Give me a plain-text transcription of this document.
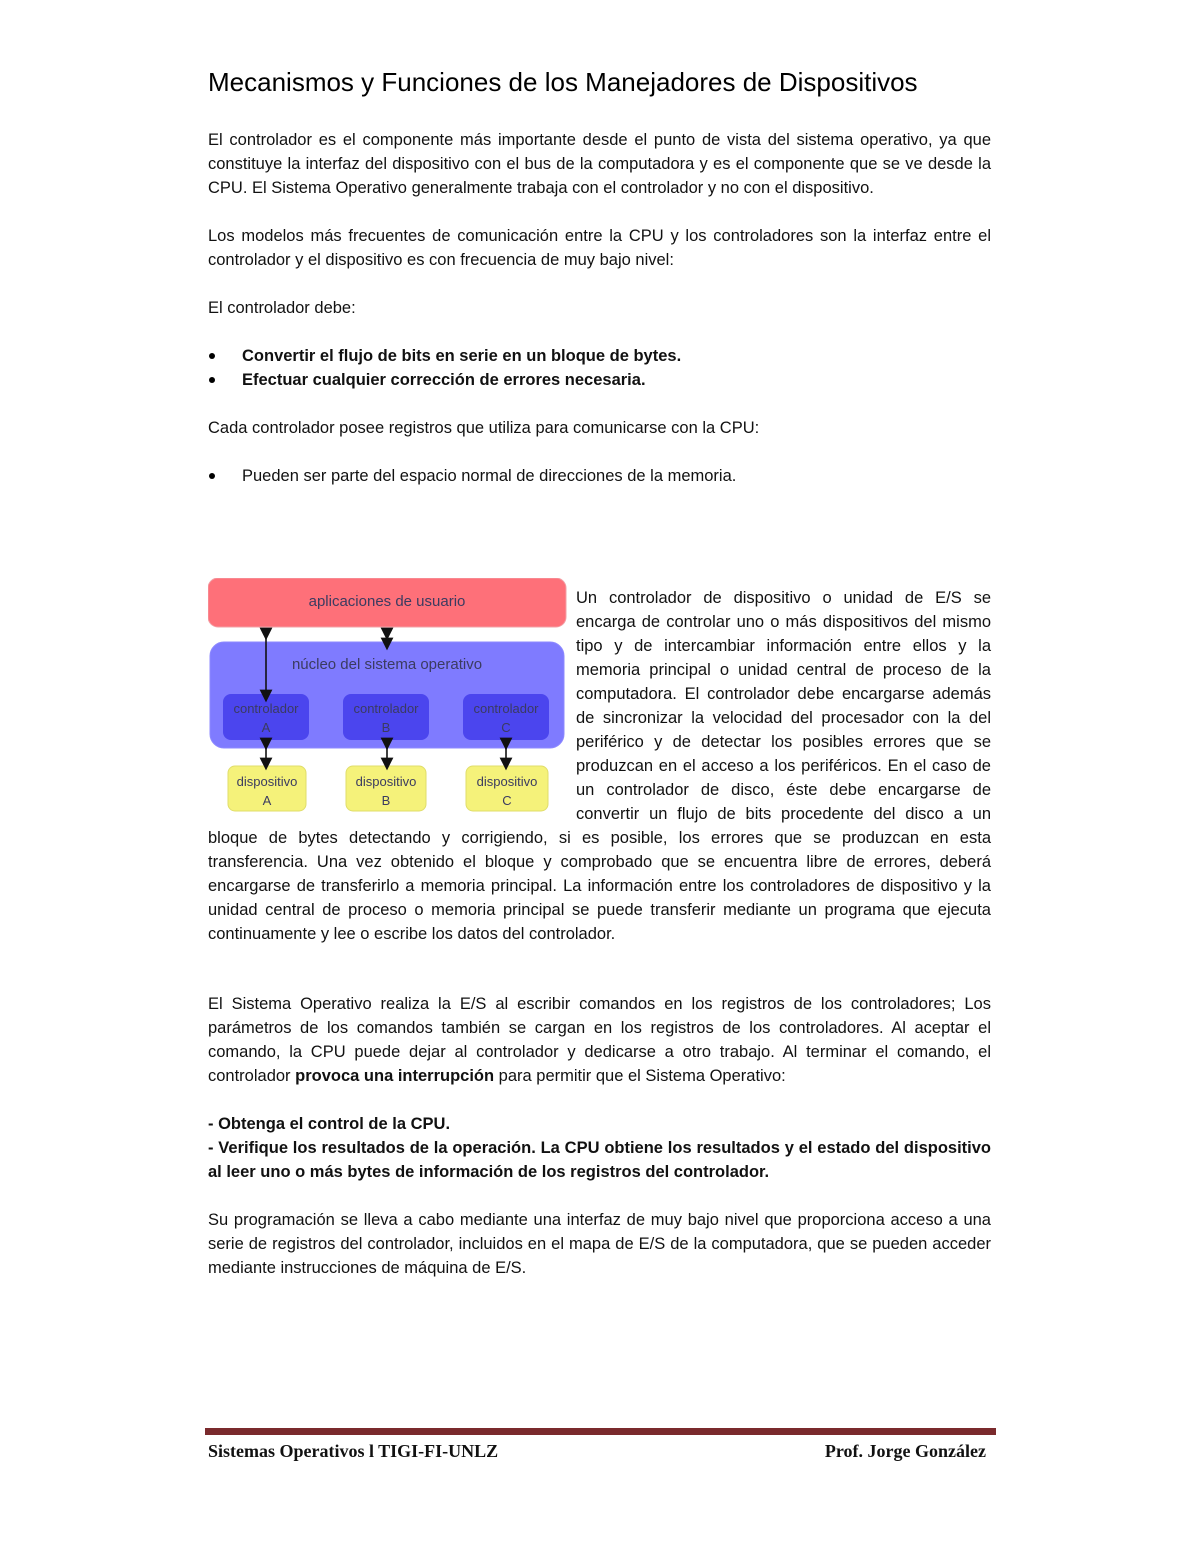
Mecanismos y Funciones de los Manejadores de Dispositivos

El controlador es el componente más importante desde el punto de vista del sistema operativo, ya que constituye la interfaz del dispositivo con el bus de la computadora y es el componente que se ve desde la CPU. El Sistema Operativo generalmente trabaja con el controlador y no con el dispositivo.

Los modelos más frecuentes de comunicación entre la CPU y los controladores son la interfaz entre el controlador y el dispositivo es con frecuencia de muy bajo nivel:

El controlador debe:

Convertir el flujo de bits en serie en un bloque de bytes.
Efectuar cualquier corrección de errores necesaria.

Cada controlador posee registros que utiliza para comunicarse con la CPU:

Pueden ser parte del espacio normal de direcciones de la memoria.
aplicaciones de usuario
núcleo del sistema operativo
controlador
A
controlador
B
controlador
C
dispositivo
A
dispositivo
B
dispositivo
C

Un controlador de dispositivo o unidad de E/S se encarga de controlar uno o más dispositivos del mismo tipo y de intercambiar información entre ellos y la memoria principal o unidad central de proceso de la computadora. El controlador debe encargarse además de sincronizar la velocidad del procesador con la del periférico y de detectar los posibles errores que se produzcan en el acceso a los periféricos. En el caso de un controlador de disco, éste debe encargarse de convertir un flujo de bits procedente del disco a un bloque de bytes detectando y corrigiendo, si es posible, los errores que se produzcan en esta transferencia. Una vez obtenido el bloque y comprobado que se encuentra libre de errores, deberá encargarse de transferirlo a memoria principal. La información entre los controladores de dispositivo y la unidad central de proceso o memoria principal se puede transferir mediante un programa que ejecuta continuamente y lee o escribe los datos del controlador.

El Sistema Operativo realiza la E/S al escribir comandos en los registros de los controladores; Los parámetros de los comandos también se cargan en los registros de los controladores. Al aceptar el comando, la CPU puede dejar al controlador y dedicarse a otro trabajo. Al terminar el comando, el controlador provoca una interrupción para permitir que el Sistema Operativo:

- Obtenga el control de la CPU.

- Verifique los resultados de la operación. La CPU obtiene los resultados y el estado del dispositivo al leer uno o más bytes de información de los registros del controlador.

Su programación se lleva a cabo mediante una interfaz de muy bajo nivel que proporciona acceso a una serie de registros del controlador, incluidos en el mapa de E/S de la computadora, que se pueden acceder mediante instrucciones de máquina de E/S.

Sistemas Operativos l TIGI-FI-UNLZ	Prof. Jorge González
